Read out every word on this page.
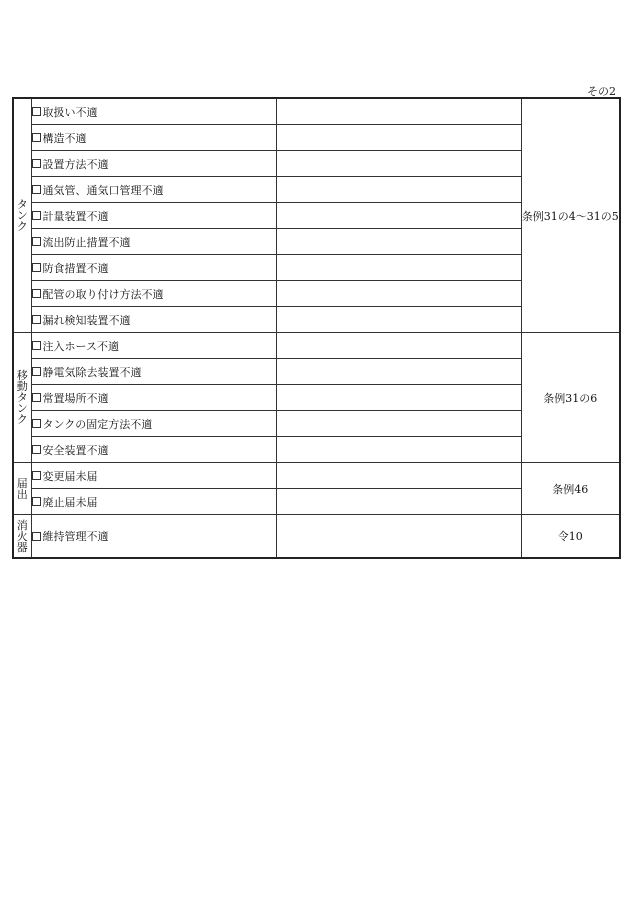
その2
タンク	取扱い不適		条例31の4〜31の5
	構造不適		
	設置方法不適		
	通気管、通気口管理不適		
	計量装置不適		
	流出防止措置不適		
	防食措置不適		
	配管の取り付け方法不適		
	漏れ検知装置不適		
移動タンク	注入ホース不適		条例31の6
	静電気除去装置不適		
	常置場所不適		
	タンクの固定方法不適		
	安全装置不適		
届出	変更届未届		条例46
	廃止届未届		
消火器	維持管理不適		令10
